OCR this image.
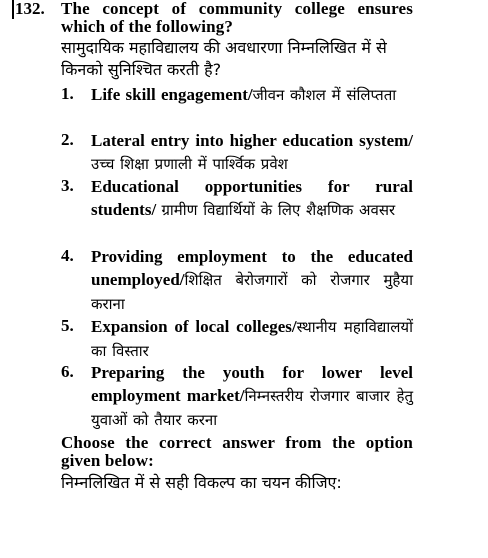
132. The concept of community college ensures which of the following?
सामुदायिक महाविद्यालय की अवधारणा निम्नलिखित में से किनको सुनिश्चित करती है?
1. Life skill engagement/जीवन कौशल में संलिप्तता
2. Lateral entry into higher education system/उच्च शिक्षा प्रणाली में पार्श्विक प्रवेश
3. Educational opportunities for rural students/ ग्रामीण विद्यार्थियों के लिए शैक्षणिक अवसर
4. Providing employment to the educated unemployed/शिक्षित बेरोजगारों को रोजगार मुहैया कराना
5. Expansion of local colleges/स्थानीय महाविद्यालयों का विस्तार
6. Preparing the youth for lower level employment market/निम्नस्तरीय रोजगार बाजार हेतु युवाओं को तैयार करना
Choose the correct answer from the option given below:
निम्नलिखित में से सही विकल्प का चयन कीजिए:
